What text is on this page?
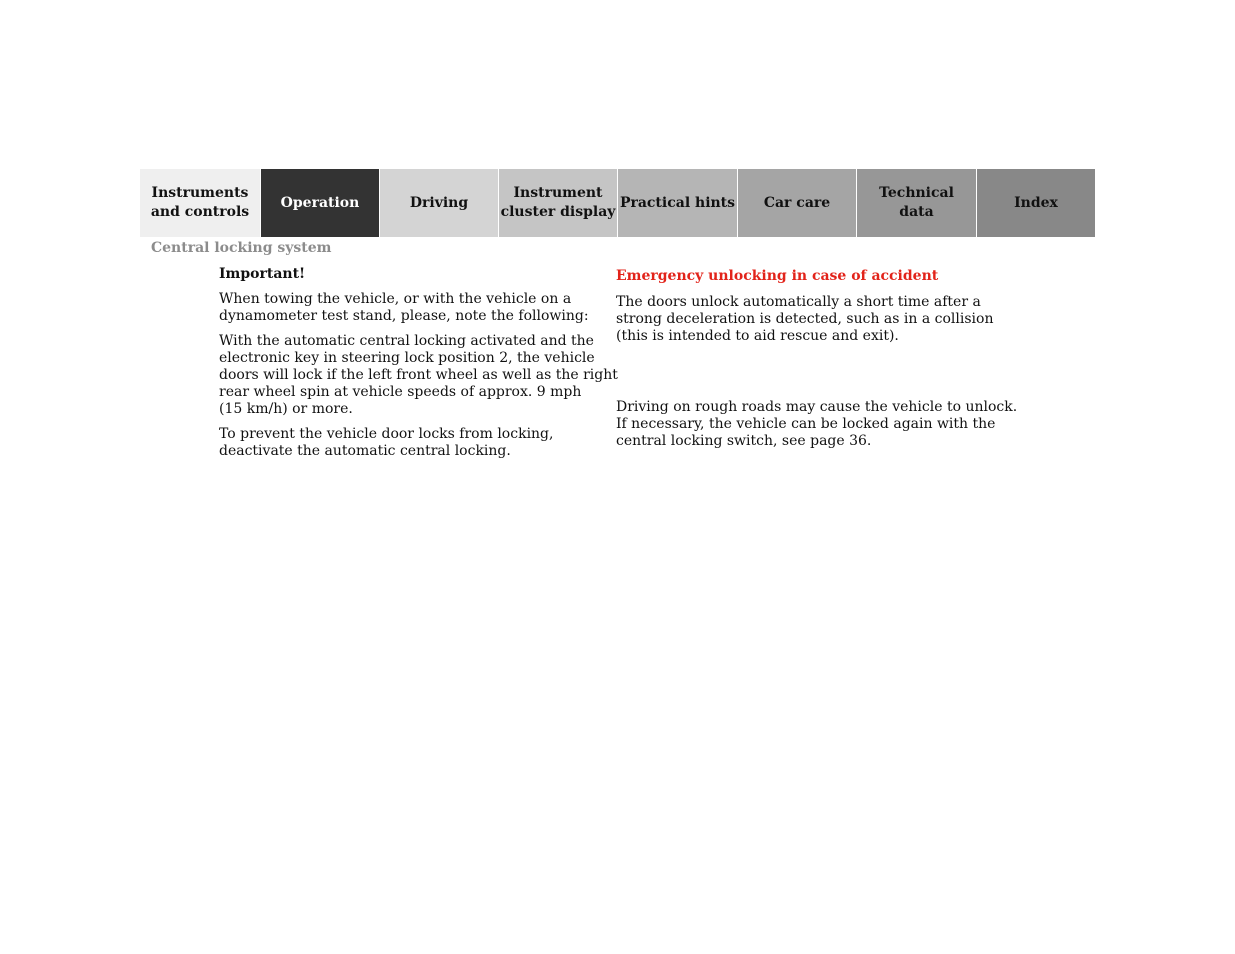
Instruments
and controls
Operation	Driving
Instrument
cluster display
Practical hints	Car care
Technical
data
Index
Central locking system
Important!

When towing the vehicle, or with the vehicle on a
dynamometer test stand, please, note the following:

With the automatic central locking activated and the
electronic key in steering lock position 2, the vehicle
doors will lock if the left front wheel as well as the right
rear wheel spin at vehicle speeds of approx. 9 mph
(15 km/h) or more.

To prevent the vehicle door locks from locking,
deactivate the automatic central locking.

Emergency unlocking in case of accident

The doors unlock automatically a short time after a
strong deceleration is detected, such as in a collision
(this is intended to aid rescue and exit).

Driving on rough roads may cause the vehicle to unlock.
If necessary, the vehicle can be locked again with the
central locking switch, see page 36.
